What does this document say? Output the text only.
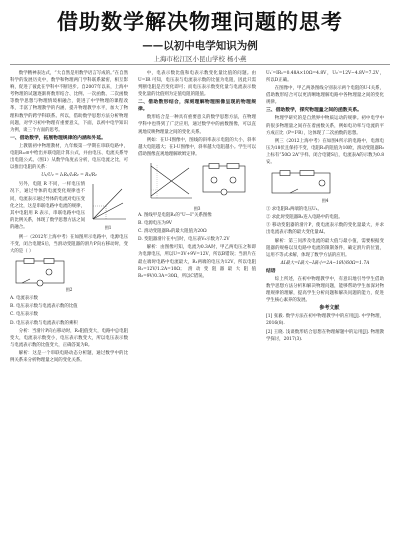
借助数学解决物理问题的思考
——以初中电学知识为例
上海市松江区小昆山学校 杨小燕

数学精神表达式，“大自然是用数学语言写成的。”在自然科学的发展历史中，数学和物理两门学科联系紧密，相互影响，促进了彼此在学科中不断进步。自2007年以来，上海中考物理的试题逐渐将数形结合、比例、一次函数、二次函数等数学思想与物理情境相融合，促进了中学物理的课程改革，丰富了物理教学的内涵，提升物理教学水平，加大了物理和数学的跨学科联系。所以，借助数学思想方法分析物理问题，对学习初中物理有重要意义，下面，以初中电学知识为例，谈三个方面的思考。

一、借助数学，拓展物理规律的内涵和外延。

上教版初中物理教材，九年级第一学期在串联电路中，电阻R₁₂≡中给出并联电阻计算公式，并由电压、电流关系导出电阻公式。（图1）从数学角度去分析，电压电流之比，可以推出电阻的关系：

U₁/U₂ = I₁R₁/I₂R₂ = R₁/R₂

另外，电阻 R 不同，一样电压情况下，通过导体的电流变化规律也不同，电流表示通过导体的电流对电压变化之比，这是串联电路中电流的规律，其中电阻用 R 表示，串联电路中电压的比例关系，体现了数学思想方法之间的融合。	图1

例一（2012年上海中考）在如图所示电路中，电源电压不变，闭合电键S后，当滑动变阻器的滑片P向右移动时，变大的是（ ）

图2

A. 电流表示数

B. 电压表示数与电流表示数的比值

C. 电压表示数

D. 电压表示数与电流表示数的乘积

分析：当滑片P向右移动时，R₂阻值变大，电路中总电阻变大，电流表示数变小，电压表示数变大，所以电压表示数与电流表示数的比值变大，正确答案为B。

解析：这是一个串联电路动态分析题，通过数学中的比例关系来分析物理量之间的变化关系。

中，电表示数比值和电表示数变化量比值的问题。由 U=IR 可知，电压表与电流表示数的比值为电阻，因此只需判断电阻是否变化即可；而电压表示数变化量与电流表示数变化量的比值则为定值电阻的阻值。

二、借助数形结合，深刻理解物理图像呈现的物理规律。

数形结合是一种具有重要意义的数学思想方法，在物理学科中也得到了广泛应用，通过数学中的函数图像，可以直观地反映物理量之间的变化关系。

例如：在U-I图像中，图线的斜率表示电阻的大小，斜率越大电阻越大；在I-U图像中，斜率越大电阻越小。学生可以借助图像直观地理解欧姆定律。

图3

A. 图线甲是电阻R₁的“U—I”关系图像

B. 电源电压为9V

C. 滑动变阻器R₂的最大阻值为20Ω

D. 变阻器滑片在中点时，电压表V₂示数为7.2V

解析：由图像可知，电流为0.3A时，甲乙两电压之和即为电源电压，所以U=3V+9V=12V，所以B错误；当滑片在最左端时电路中电流最大，R₁两端的电压为12V，所以电阻R₁=12V/1.2A=10Ω；滑动变阻器最大阻值R₂=9V/0.3A=30Ω，所以C错误。

U₁′=IR₁=0.48A×10Ω=4.8V，U₂′=12V−4.8V=7.2V，所以D正确。

在图像中，甲乙两条图线分别表示两个电阻的U-I关系，借助数形结合可以更清晰地理解电路中各物理量之间的变化规律。

三、借助数学，探究物理量之间的函数关系。

物理学研究的是自然界中物质运动的规律。初中电学中的很多物理量之间存在着函数关系，例如电功率与电流的平方成正比（P=I²R），这体现了二次函数的思想。

例三（2012上海中考）在如图4所示的电路中，电源电压为18伏且保持不变，电阻R₁的阻值为10欧，滑动变阻器R₂上标有“50Ω 2A”字样。闭合电键S后，电流表A的示数为0.8安。

图4

① 求电阻R₁两端的电压U₁。

② 求此时变阻器R₂连入电路中的电阻。

③ 移动变阻器的滑片P，使电流表示数的变化量最大，并求出电流表示数的最大变化量ΔI。

解析：第三问涉及电流的最大值与最小值，需要根据变阻器的规格以及电路中电流的限制条件，确定滑片的位置，运用不等式求解，体现了数学方法的应用。

ΔI最大=I最大−I最小=2A−18V/60Ω=1.7A

结语

综上所述，在初中物理教学中，有意识地引导学生借助数学思想方法分析和解决物理问题，能够帮助学生加深对物理规律的理解，提高学生分析问题和解决问题的能力，促进学生核心素养的发展。

参考文献

[1] 张毅. 数学方法在初中物理教学中的应用[J]. 中学物理，2016(8).

[2] 王晓. 浅谈数形结合思想在物理解题中的运用[J]. 物理教学探讨，2017(3).
